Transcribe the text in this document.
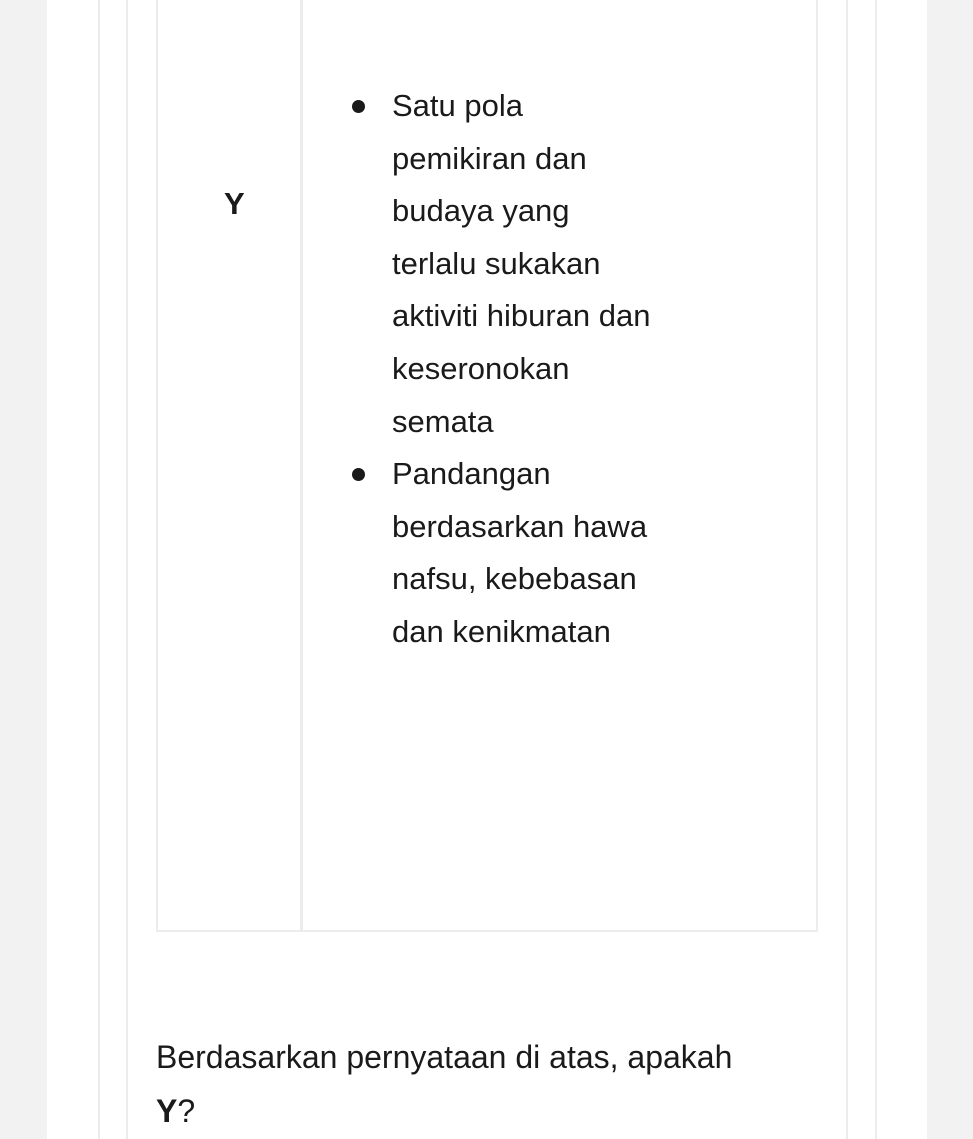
Y
Satu pola pemikiran dan budaya yang terlalu sukakan aktiviti hiburan dan keseronokan semata
Pandangan berdasarkan hawa nafsu, kebebasan dan kenikmatan

Berdasarkan pernyataan di atas, apakah
Y?
